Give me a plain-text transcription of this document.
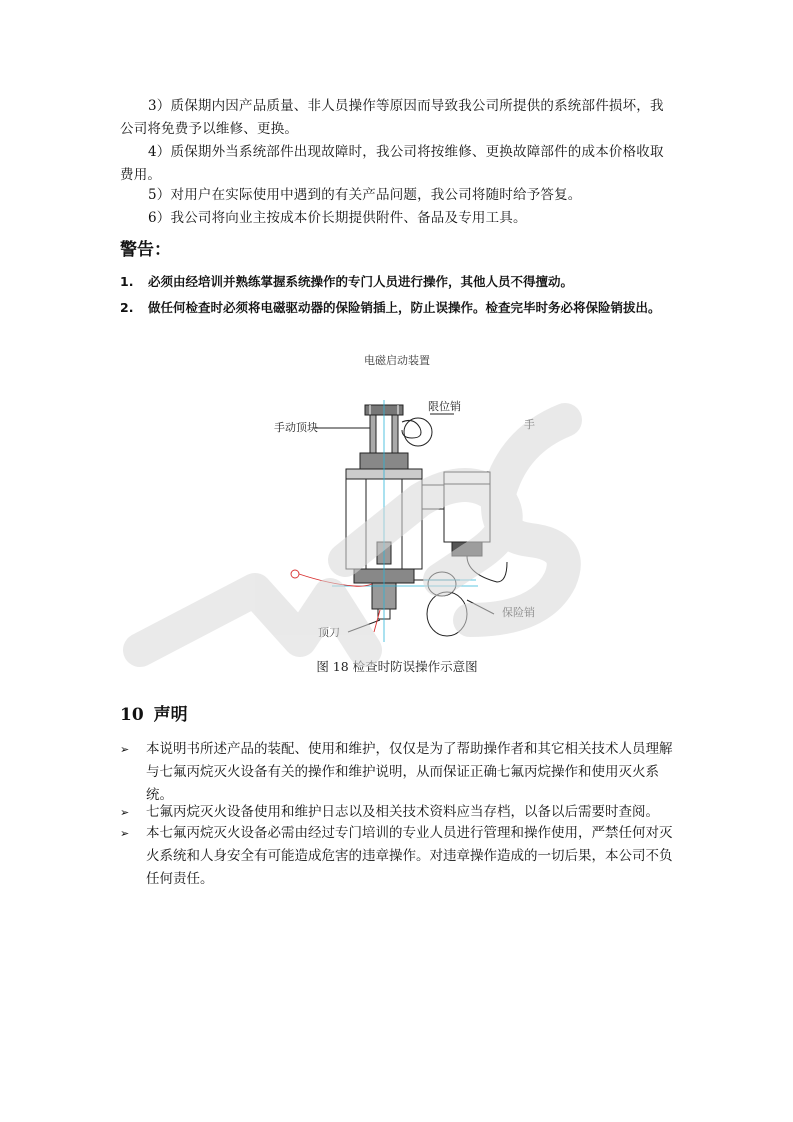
3）质保期内因产品质量、非人员操作等原因而导致我公司所提供的系统部件损坏，我公司将免费予以维修、更换。

4）质保期外当系统部件出现故障时，我公司将按维修、更换故障部件的成本价格收取费用。

5）对用户在实际使用中遇到的有关产品问题，我公司将随时给予答复。

6）我公司将向业主按成本价长期提供附件、备品及专用工具。

警告：
1. 必须由经培训并熟练掌握系统操作的专门人员进行操作，其他人员不得擅动。
2. 做任何检查时必须将电磁驱动器的保险销插上，防止误操作。检查完毕时务必将保险销拔出。
电磁启动装置
手动顶块
限位销
手
保险销
顶刀
图 18 检查时防误操作示意图
10 声明
➢ 本说明书所述产品的装配、使用和维护，仅仅是为了帮助操作者和其它相关技术人员理解与七氟丙烷灭火设备有关的操作和维护说明，从而保证正确七氟丙烷操作和使用灭火系统。
➢ 七氟丙烷灭火设备使用和维护日志以及相关技术资料应当存档，以备以后需要时查阅。
➢ 本七氟丙烷灭火设备必需由经过专门培训的专业人员进行管理和操作使用，严禁任何对灭火系统和人身安全有可能造成危害的违章操作。对违章操作造成的一切后果，本公司不负任何责任。
